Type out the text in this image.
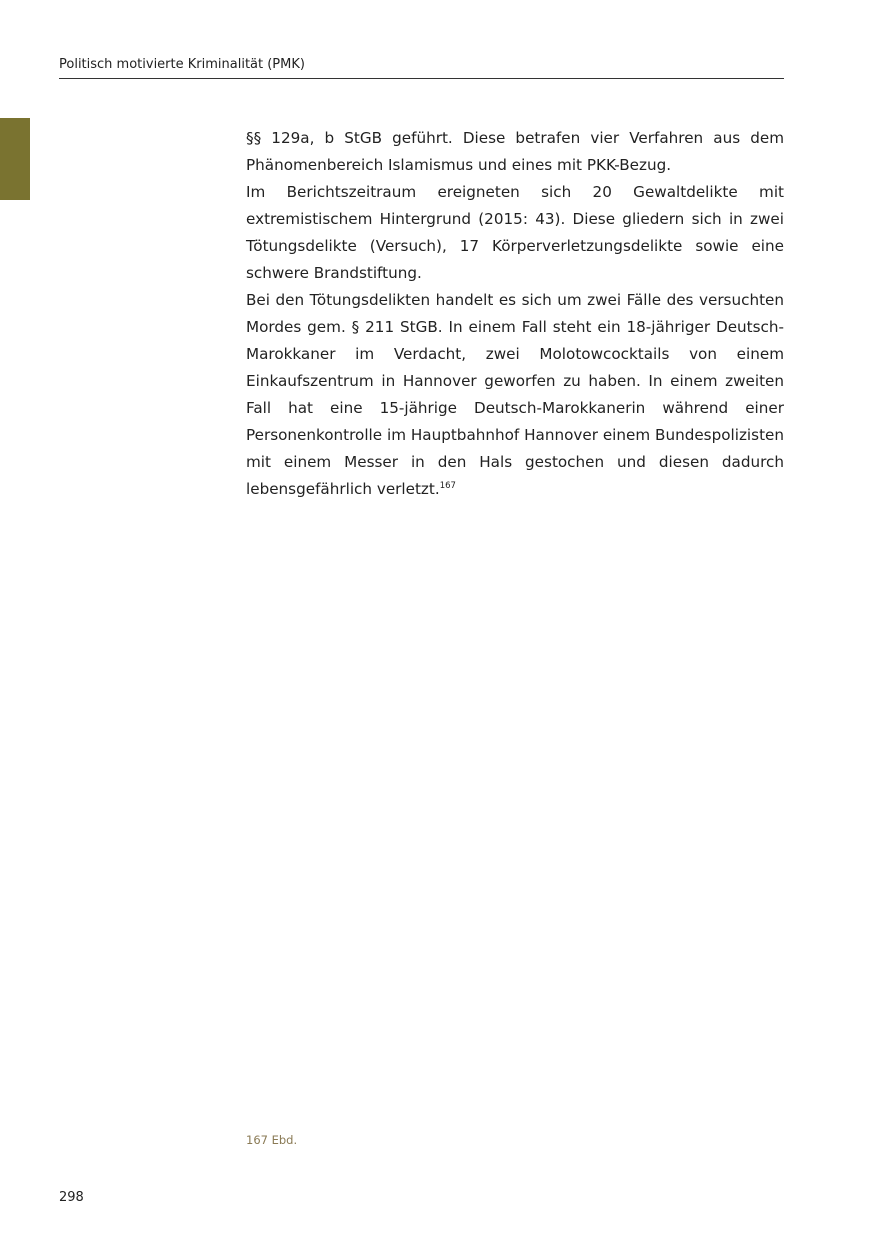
Politisch motivierte Kriminalität (PMK)

§§ 129a, b StGB geführt. Diese betrafen vier Verfahren aus dem Phänomenbereich Islamismus und eines mit PKK-Bezug.

Im Berichtszeitraum ereigneten sich 20 Gewaltdelikte mit extremistischem Hintergrund (2015: 43). Diese gliedern sich in zwei Tötungsdelikte (Versuch), 17 Körperverletzungsdelikte sowie eine schwere Brandstiftung.

Bei den Tötungsdelikten handelt es sich um zwei Fälle des versuchten Mordes gem. § 211 StGB. In einem Fall steht ein 18-jähriger Deutsch-Marokkaner im Verdacht, zwei Molotowcocktails von einem Einkaufszentrum in Hannover geworfen zu haben. In einem zweiten Fall hat eine 15-jährige Deutsch-Marokkanerin während einer Personenkontrolle im Hauptbahnhof Hannover einem Bundespolizisten mit einem Messer in den Hals gestochen und diesen dadurch lebensgefährlich verletzt.$^{167}$

167 Ebd.
298
